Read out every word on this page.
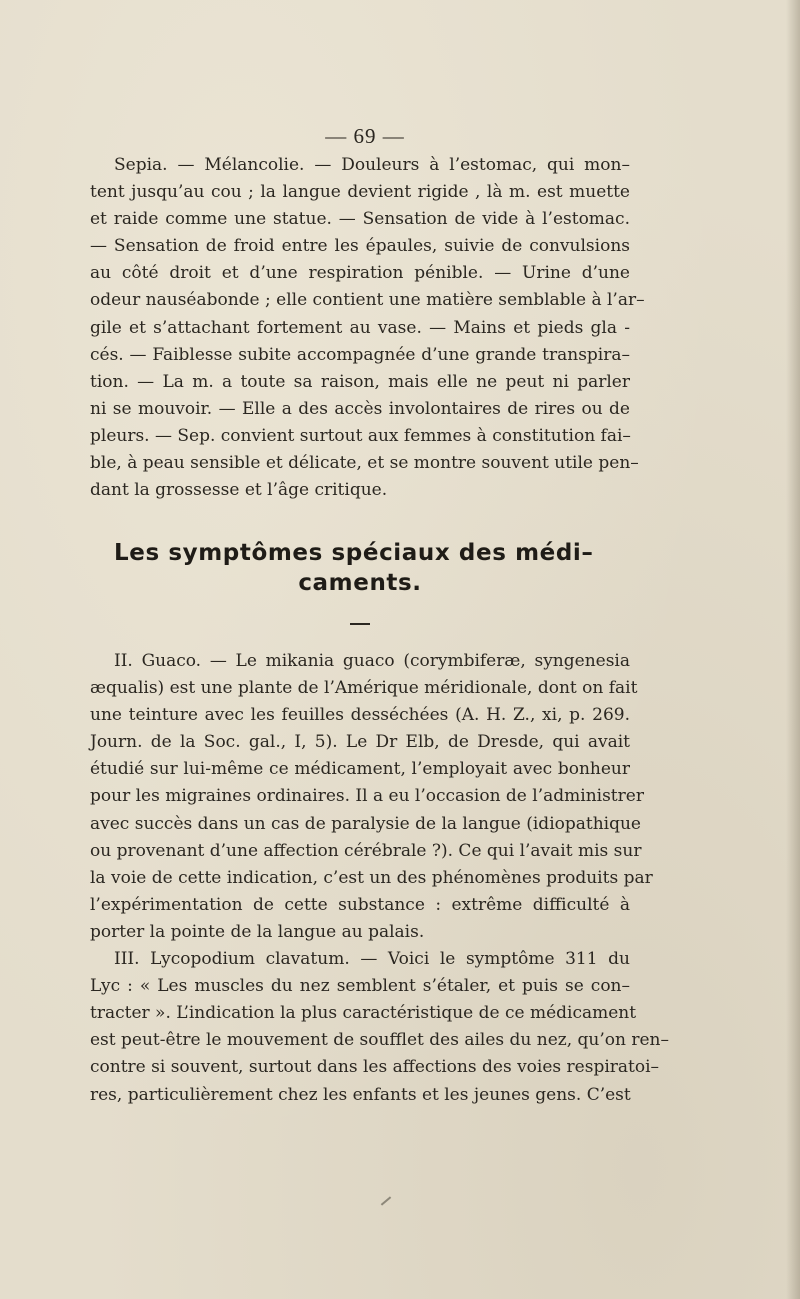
— 69 —
Sepia. — Mélancolie. — Douleurs à l’estomac, qui mon–
tent jusqu’au cou ; la langue devient rigide , là m. est muette
et raide comme une statue. — Sensation de vide à l’estomac.
— Sensation de froid entre les épaules, suivie de convulsions
au côté droit et d’une respiration pénible. — Urine d’une
odeur nauséabonde ; elle contient une matière semblable à l’ar–
gile et s’attachant fortement au vase. — Mains et pieds gla -
cés. — Faiblesse subite accompagnée d’une grande transpira–
tion. — La m. a toute sa raison, mais elle ne peut ni parler
ni se mouvoir. — Elle a des accès involontaires de rires ou de
pleurs. — Sep. convient surtout aux femmes à constitution fai–
ble, à peau sensible et délicate, et se montre souvent utile pen–
dant la grossesse et l’âge critique.
Les symptômes spéciaux des médi–
caments.
II. Guaco. — Le mikania guaco (corymbiferæ, syngenesia
æqualis) est une plante de l’Amérique méridionale, dont on fait
une teinture avec les feuilles desséchées (A. H. Z., xi, p. 269.
Journ. de la Soc. gal., I, 5). Le Dr Elb, de Dresde, qui avait
étudié sur lui-même ce médicament, l’employait avec bonheur
pour les migraines ordinaires. Il a eu l’occasion de l’administrer
avec succès dans un cas de paralysie de la langue (idiopathique
ou provenant d’une affection cérébrale ?). Ce qui l’avait mis sur
la voie de cette indication, c’est un des phénomènes produits par
l’expérimentation de cette substance : extrême difficulté à
porter la pointe de la langue au palais.
III. Lycopodium clavatum. — Voici le symptôme 311 du
Lyc : « Les muscles du nez semblent s’étaler, et puis se con–
tracter ». L’indication la plus caractéristique de ce médicament
est peut-être le mouvement de soufflet des ailes du nez, qu’on ren–
contre si souvent, surtout dans les affections des voies respiratoi–
res, particulièrement chez les enfants et les jeunes gens. C’est
